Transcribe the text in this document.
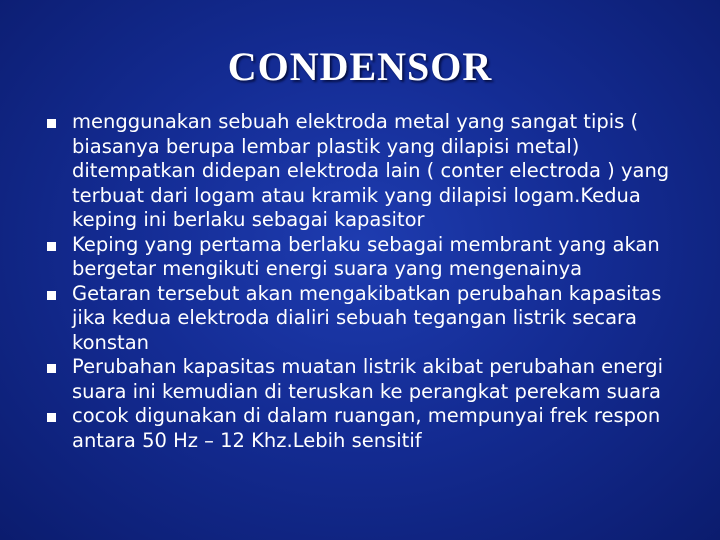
CONDENSOR
menggunakan sebuah elektroda metal yang sangat tipis ( biasanya berupa lembar plastik yang dilapisi metal) ditempatkan didepan elektroda lain ( conter electroda ) yang terbuat dari logam atau kramik yang dilapisi logam.Kedua keping ini berlaku sebagai kapasitor
Keping yang pertama berlaku sebagai membrant yang akan bergetar mengikuti energi suara yang mengenainya
Getaran tersebut akan mengakibatkan perubahan kapasitas jika kedua elektroda dialiri sebuah tegangan listrik secara konstan
Perubahan kapasitas muatan listrik akibat perubahan energi suara ini kemudian di teruskan ke perangkat perekam suara
cocok digunakan di dalam ruangan, mempunyai frek respon antara 50 Hz – 12 Khz.Lebih sensitif
